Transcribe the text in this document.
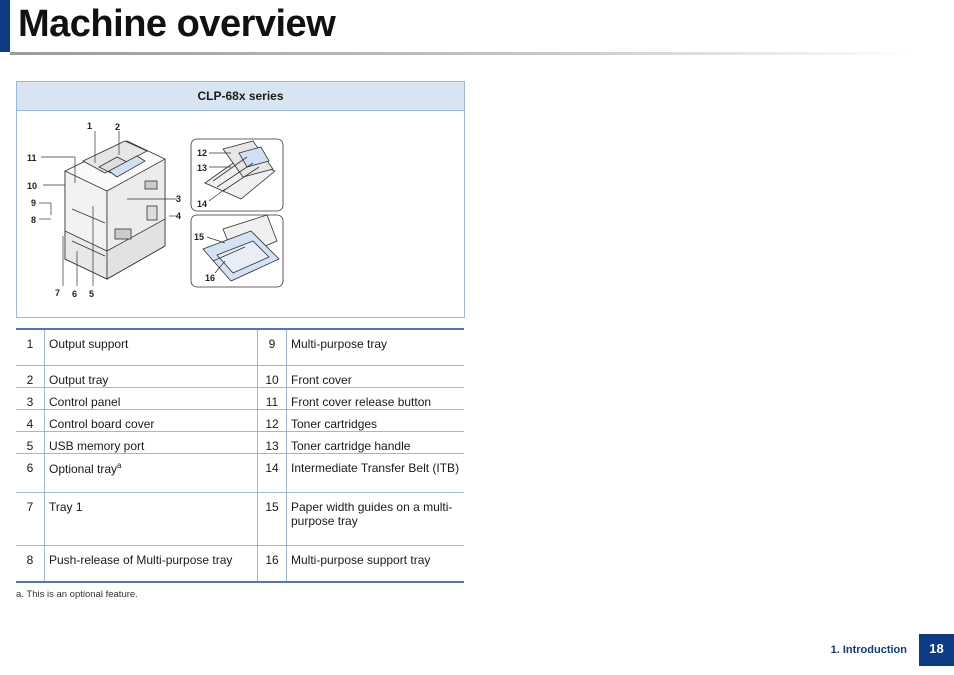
Machine overview
CLP-68x series
1	2
3
4
5
6
7
8
9
10
11	12
13
14
15
16
1	Output support	9	Multi-purpose tray
2	Output tray	10	Front cover
3	Control panel	11	Front cover release button
4	Control board cover	12	Toner cartridges
5	USB memory port	13	Toner cartridge handle
6	Optional tray$^a$	14	Intermediate Transfer Belt (ITB)
7	Tray 1	15	Paper width guides on a multi-purpose tray
8	Push-release of Multi-purpose tray	16	Multi-purpose support tray
a. This is an optional feature.
1. Introduction	18
